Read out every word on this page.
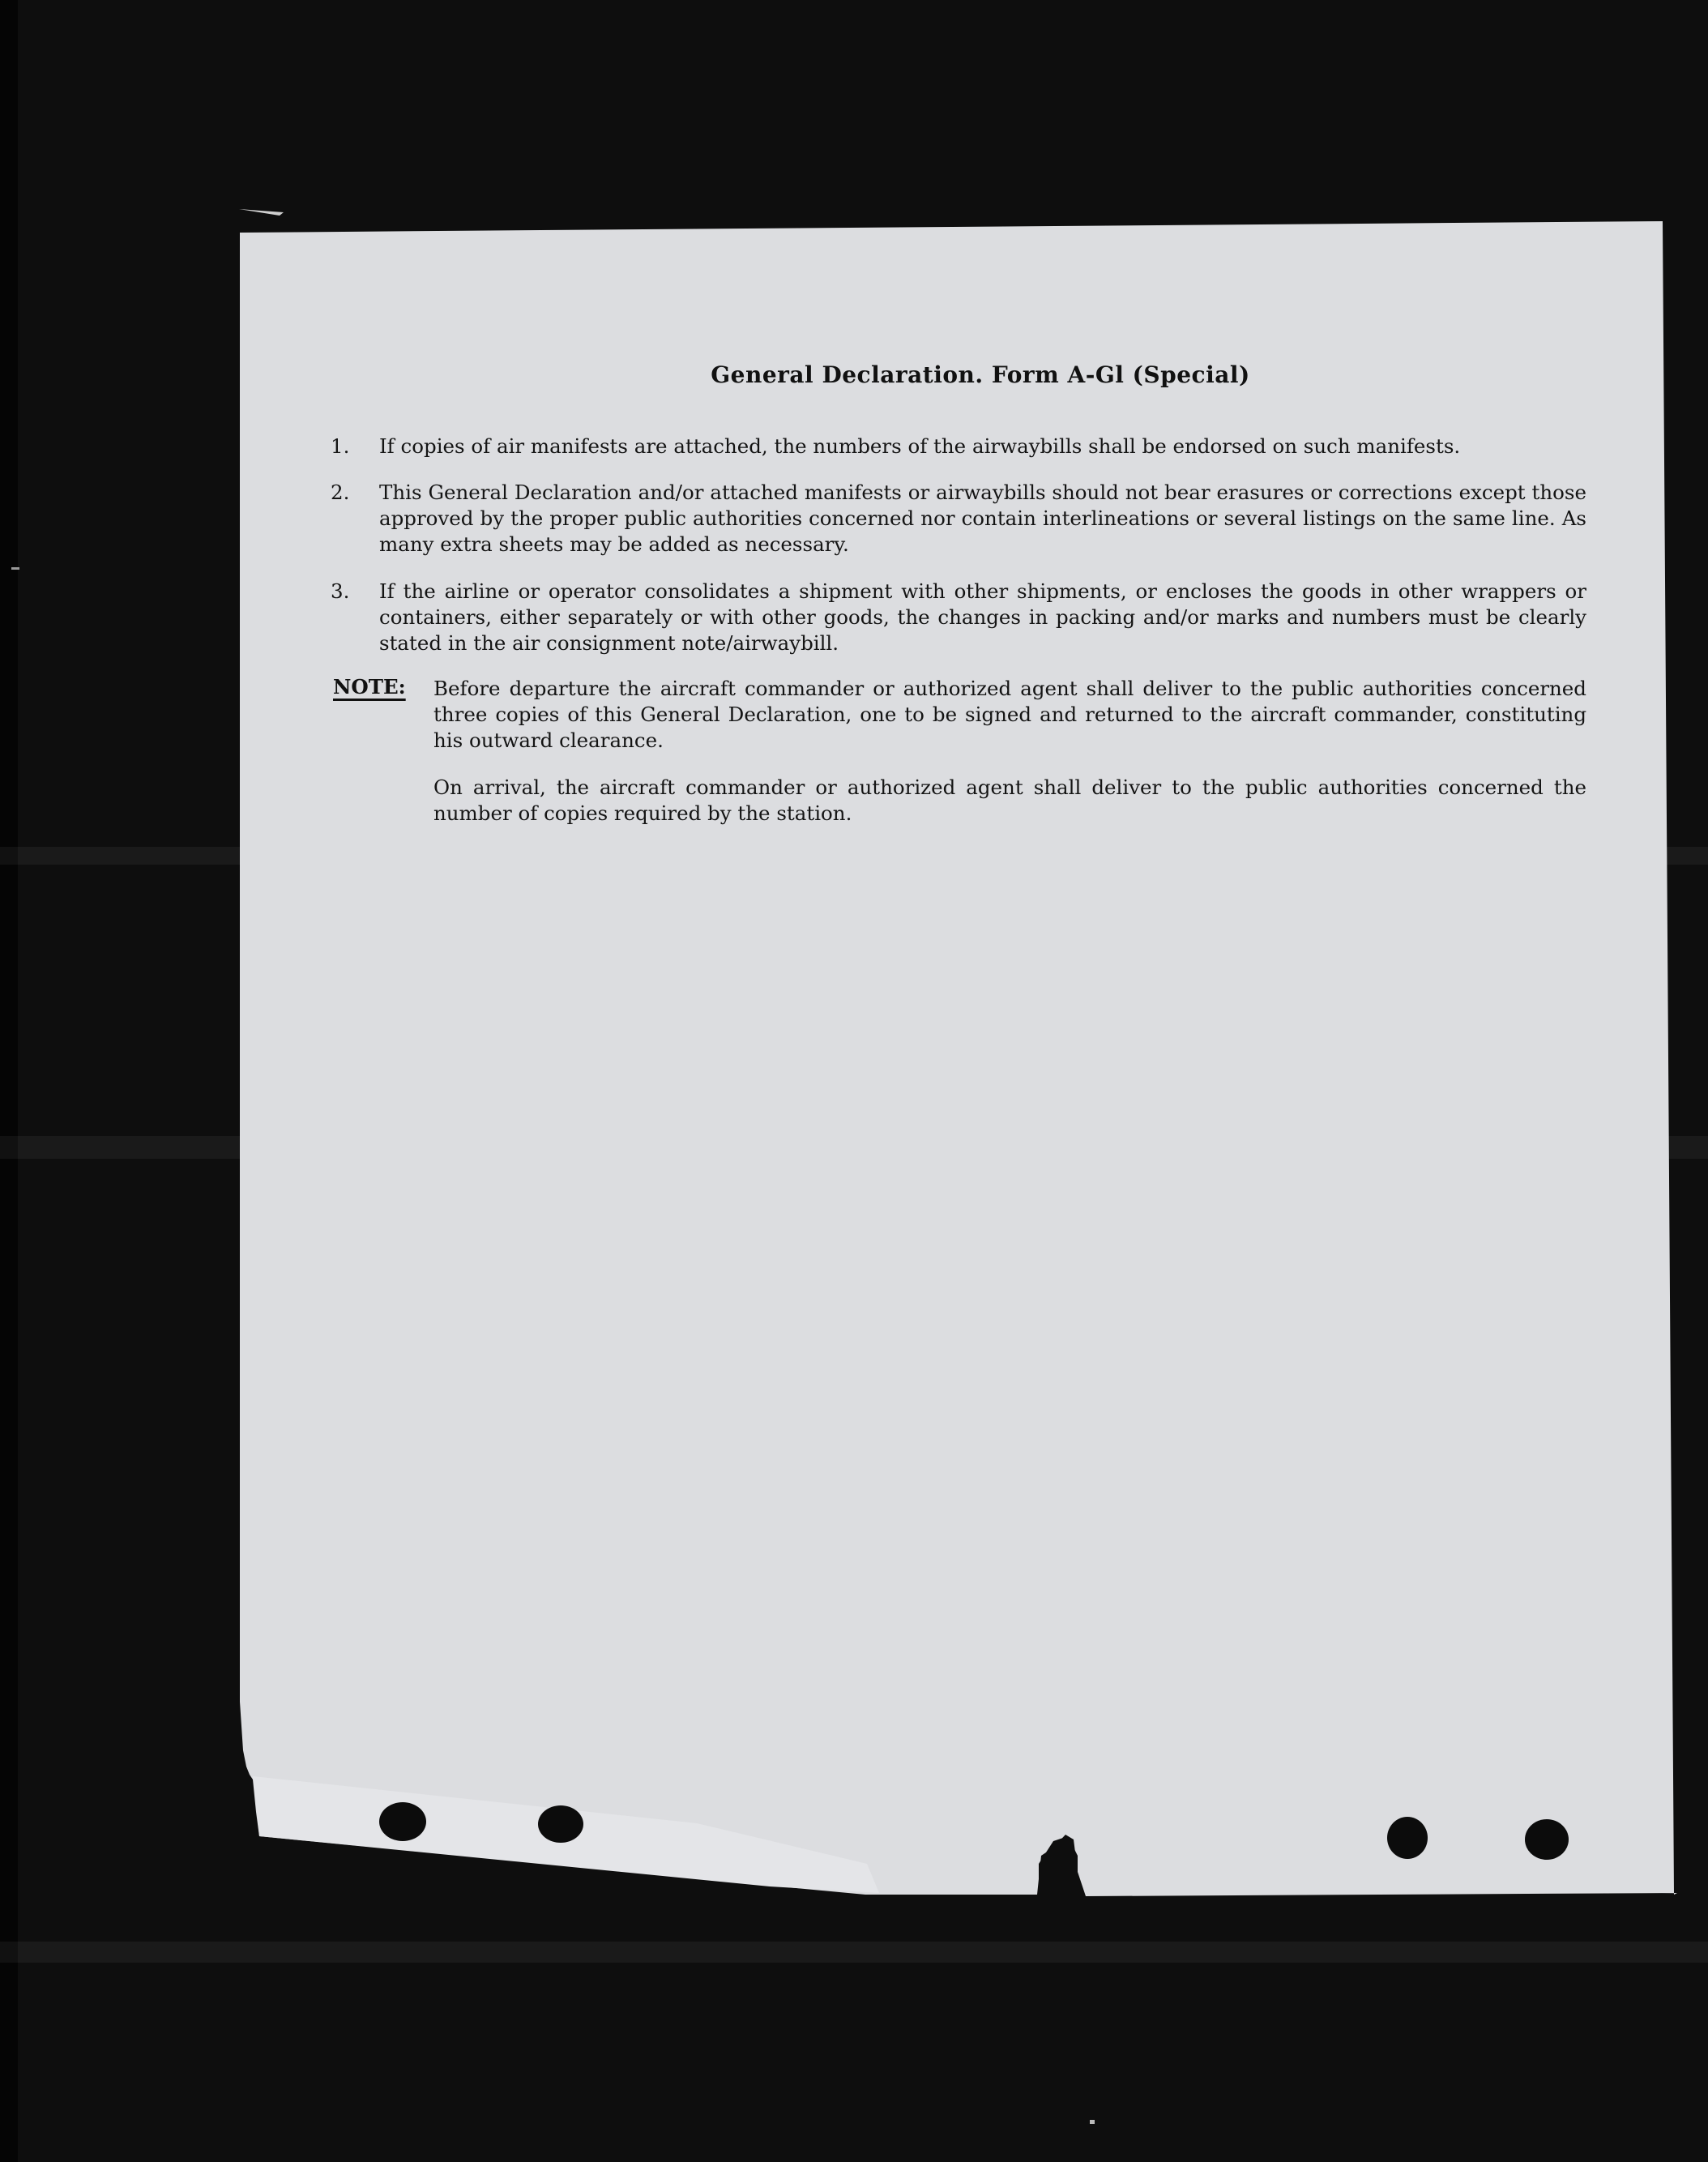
General Declaration. Form A-Gl (Special)
1.	If copies of air manifests are attached, the numbers of the airwaybills shall be endorsed on such manifests.
2.	This General Declaration and/or attached manifests or airwaybills should not bear erasures or corrections except those approved by the proper public authorities concerned nor contain interlineations or several listings on the same line. As many extra sheets may be added as necessary.
3.	If the airline or operator consolidates a shipment with other shipments, or encloses the goods in other wrappers or containers, either separately or with other goods, the changes in packing and/or marks and numbers must be clearly stated in the air consignment note/airwaybill.
NOTE: Before departure the aircraft commander or authorized agent shall deliver to the public authorities concerned three copies of this General Declaration, one to be signed and returned to the aircraft commander, constituting his outward clearance.
On arrival, the aircraft commander or authorized agent shall deliver to the public authorities concerned the number of copies required by the station.
